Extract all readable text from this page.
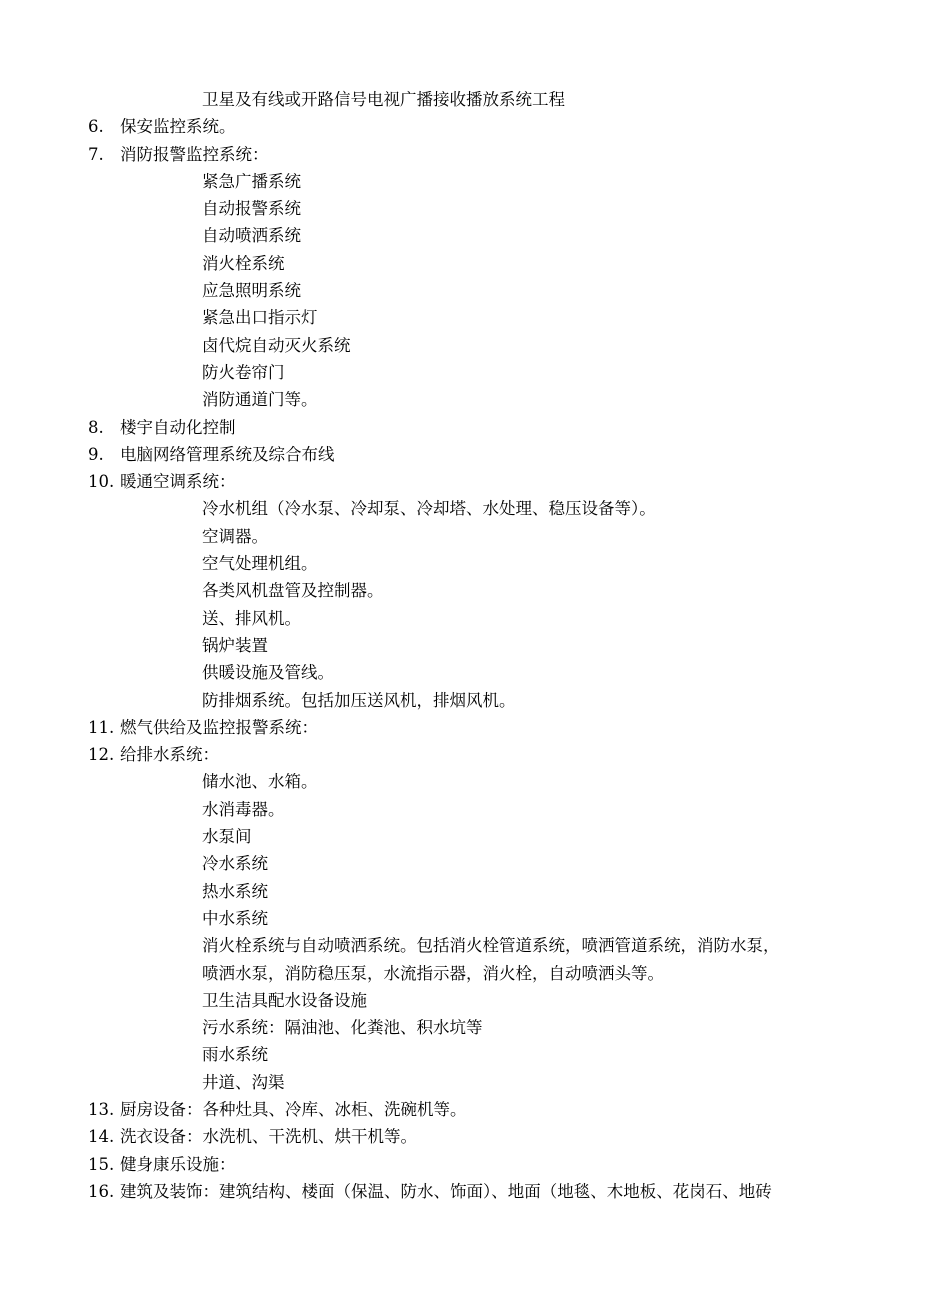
卫星及有线或开路信号电视广播接收播放系统工程
6. 保安监控系统。
7. 消防报警监控系统：
紧急广播系统
自动报警系统
自动喷洒系统
消火栓系统
应急照明系统
紧急出口指示灯
卤代烷自动灭火系统
防火卷帘门
消防通道门等。
8. 楼宇自动化控制
9. 电脑网络管理系统及综合布线
10. 暖通空调系统：
冷水机组（冷水泵、冷却泵、冷却塔、水处理、稳压设备等）。
空调器。
空气处理机组。
各类风机盘管及控制器。
送、排风机。
锅炉装置
供暖设施及管线。
防排烟系统。包括加压送风机，排烟风机。
11. 燃气供给及监控报警系统：
12. 给排水系统：
储水池、水箱。
水消毒器。
水泵间
冷水系统
热水系统
中水系统
消火栓系统与自动喷洒系统。包括消火栓管道系统，喷洒管道系统，消防水泵，
喷洒水泵，消防稳压泵，水流指示器，消火栓，自动喷洒头等。
卫生洁具配水设备设施
污水系统：隔油池、化粪池、积水坑等
雨水系统
井道、沟渠
13. 厨房设备：各种灶具、冷库、冰柜、洗碗机等。
14. 洗衣设备：水洗机、干洗机、烘干机等。
15. 健身康乐设施：
16. 建筑及装饰：建筑结构、楼面（保温、防水、饰面）、地面（地毯、木地板、花岗石、地砖
